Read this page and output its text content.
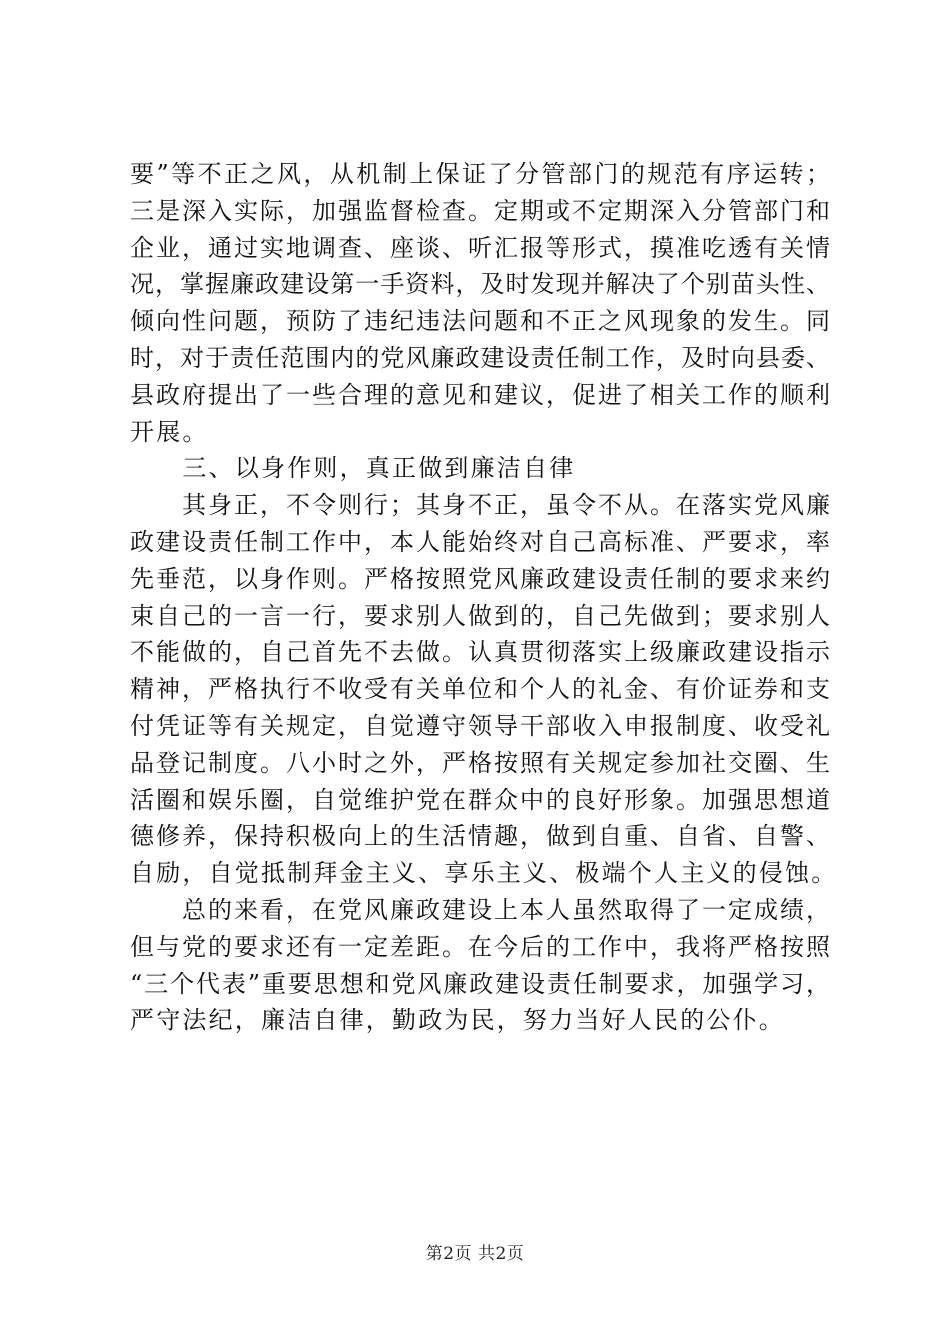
要”等不正之风，从机制上保证了分管部门的规范有序运转；
三是深入实际，加强监督检查。定期或不定期深入分管部门和
企业，通过实地调查、座谈、听汇报等形式，摸准吃透有关情
况，掌握廉政建设第一手资料，及时发现并解决了个别苗头性、
倾向性问题，预防了违纪违法问题和不正之风现象的发生。同
时，对于责任范围内的党风廉政建设责任制工作，及时向县委、
县政府提出了一些合理的意见和建议，促进了相关工作的顺利
开展。
　　三、以身作则，真正做到廉洁自律
　　其身正，不令则行；其身不正，虽令不从。在落实党风廉
政建设责任制工作中，本人能始终对自己高标准、严要求，率
先垂范，以身作则。严格按照党风廉政建设责任制的要求来约
束自己的一言一行，要求别人做到的，自己先做到；要求别人
不能做的，自己首先不去做。认真贯彻落实上级廉政建设指示
精神，严格执行不收受有关单位和个人的礼金、有价证券和支
付凭证等有关规定，自觉遵守领导干部收入申报制度、收受礼
品登记制度。八小时之外，严格按照有关规定参加社交圈、生
活圈和娱乐圈，自觉维护党在群众中的良好形象。加强思想道
德修养，保持积极向上的生活情趣，做到自重、自省、自警、
自励，自觉抵制拜金主义、享乐主义、极端个人主义的侵蚀。
　　总的来看，在党风廉政建设上本人虽然取得了一定成绩，
但与党的要求还有一定差距。在今后的工作中，我将严格按照
“三个代表”重要思想和党风廉政建设责任制要求，加强学习，
严守法纪，廉洁自律，勤政为民，努力当好人民的公仆。
第2页 共2页
